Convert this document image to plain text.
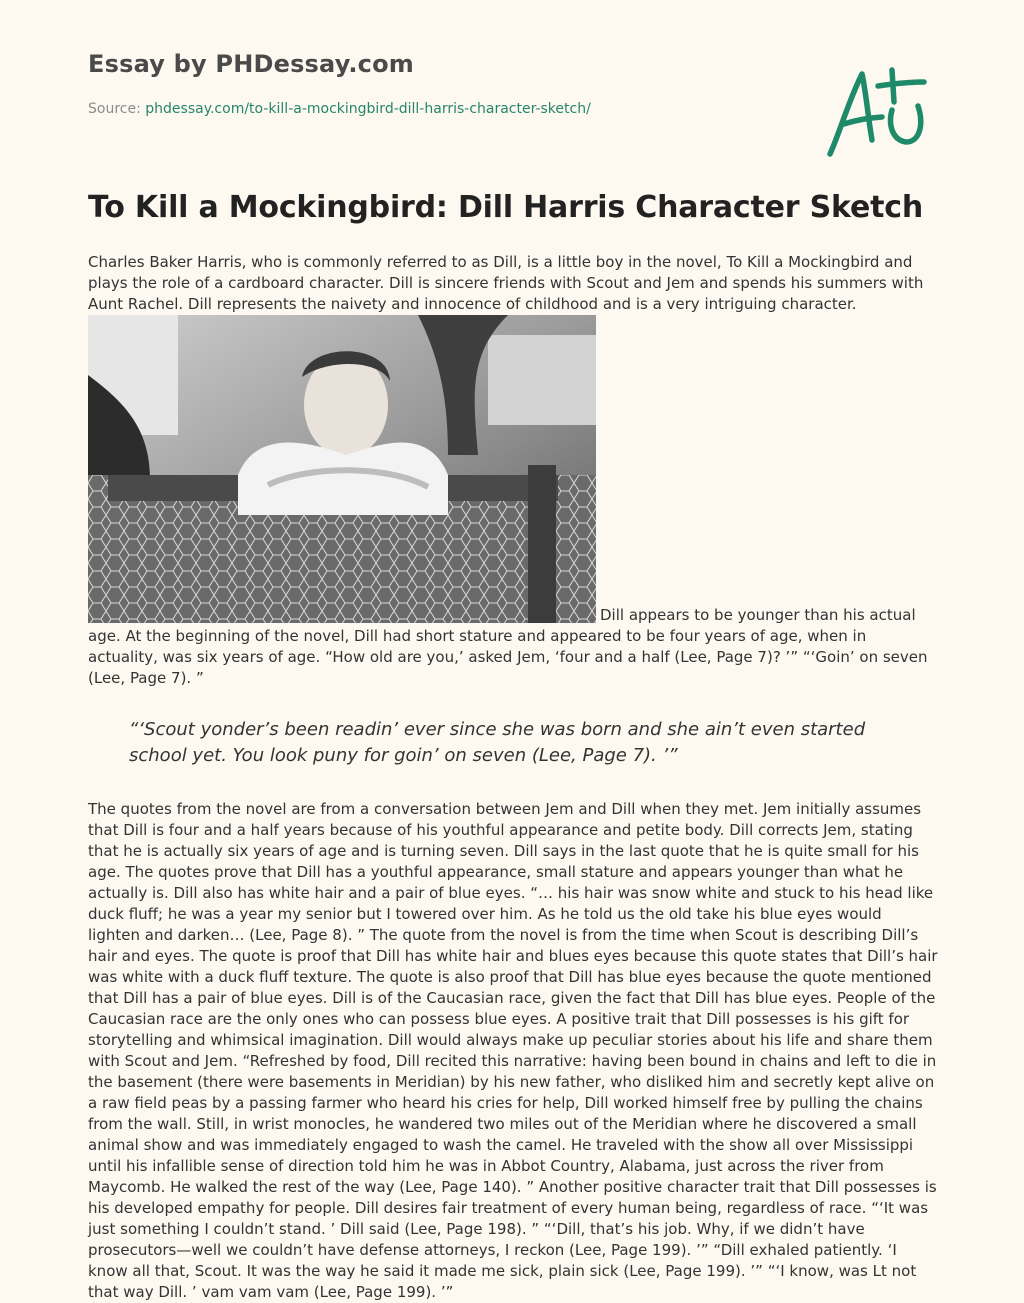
Essay by PHDessay.com
Source: phdessay.com/to-kill-a-mockingbird-dill-harris-character-sketch/
To Kill a Mockingbird: Dill Harris Character Sketch

Charles Baker Harris, who is commonly referred to as Dill, is a little boy in the novel, To Kill a Mockingbird and plays the role of a cardboard character. Dill is sincere friends with Scout and Jem and spends his summers with Aunt Rachel. Dill represents the naivety and innocence of childhood and is a very intriguing character.

Dill appears to be younger than his actual age. At the beginning of the novel, Dill had short stature and appeared to be four years of age, when in actuality, was six years of age. “How old are you,’ asked Jem, ‘four and a half (Lee, Page 7)? ’” “‘Goin’ on seven (Lee, Page 7). ”

“‘Scout yonder’s been readin’ ever since she was born and she ain’t even started school yet. You look puny for goin’ on seven (Lee, Page 7). ’”

The quotes from the novel are from a conversation between Jem and Dill when they met. Jem initially assumes that Dill is four and a half years because of his youthful appearance and petite body. Dill corrects Jem, stating that he is actually six years of age and is turning seven. Dill says in the last quote that he is quite small for his age. The quotes prove that Dill has a youthful appearance, small stature and appears younger than what he actually is. Dill also has white hair and a pair of blue eyes. “… his hair was snow white and stuck to his head like duck fluff; he was a year my senior but I towered over him. As he told us the old take his blue eyes would lighten and darken… (Lee, Page 8). ” The quote from the novel is from the time when Scout is describing Dill’s hair and eyes. The quote is proof that Dill has white hair and blues eyes because this quote states that Dill’s hair was white with a duck fluff texture. The quote is also proof that Dill has blue eyes because the quote mentioned that Dill has a pair of blue eyes. Dill is of the Caucasian race, given the fact that Dill has blue eyes. People of the Caucasian race are the only ones who can possess blue eyes. A positive trait that Dill possesses is his gift for storytelling and whimsical imagination. Dill would always make up peculiar stories about his life and share them with Scout and Jem. “Refreshed by food, Dill recited this narrative: having been bound in chains and left to die in the basement (there were basements in Meridian) by his new father, who disliked him and secretly kept alive on a raw field peas by a passing farmer who heard his cries for help, Dill worked himself free by pulling the chains from the wall. Still, in wrist monocles, he wandered two miles out of the Meridian where he discovered a small animal show and was immediately engaged to wash the camel. He traveled with the show all over Mississippi until his infallible sense of direction told him he was in Abbot Country, Alabama, just across the river from Maycomb. He walked the rest of the way (Lee, Page 140). ” Another positive character trait that Dill possesses is his developed empathy for people. Dill desires fair treatment of every human being, regardless of race. “‘It was just something I couldn’t stand. ’ Dill said (Lee, Page 198). ” “‘Dill, that’s his job. Why, if we didn’t have prosecutors—well we couldn’t have defense attorneys, I reckon (Lee, Page 199). ’” “Dill exhaled patiently. ‘I know all that, Scout. It was the way he said it made me sick, plain sick (Lee, Page 199). ’” “‘I know, was Lt not that way Dill. ’ vam vam vam (Lee, Page 199). ’”
